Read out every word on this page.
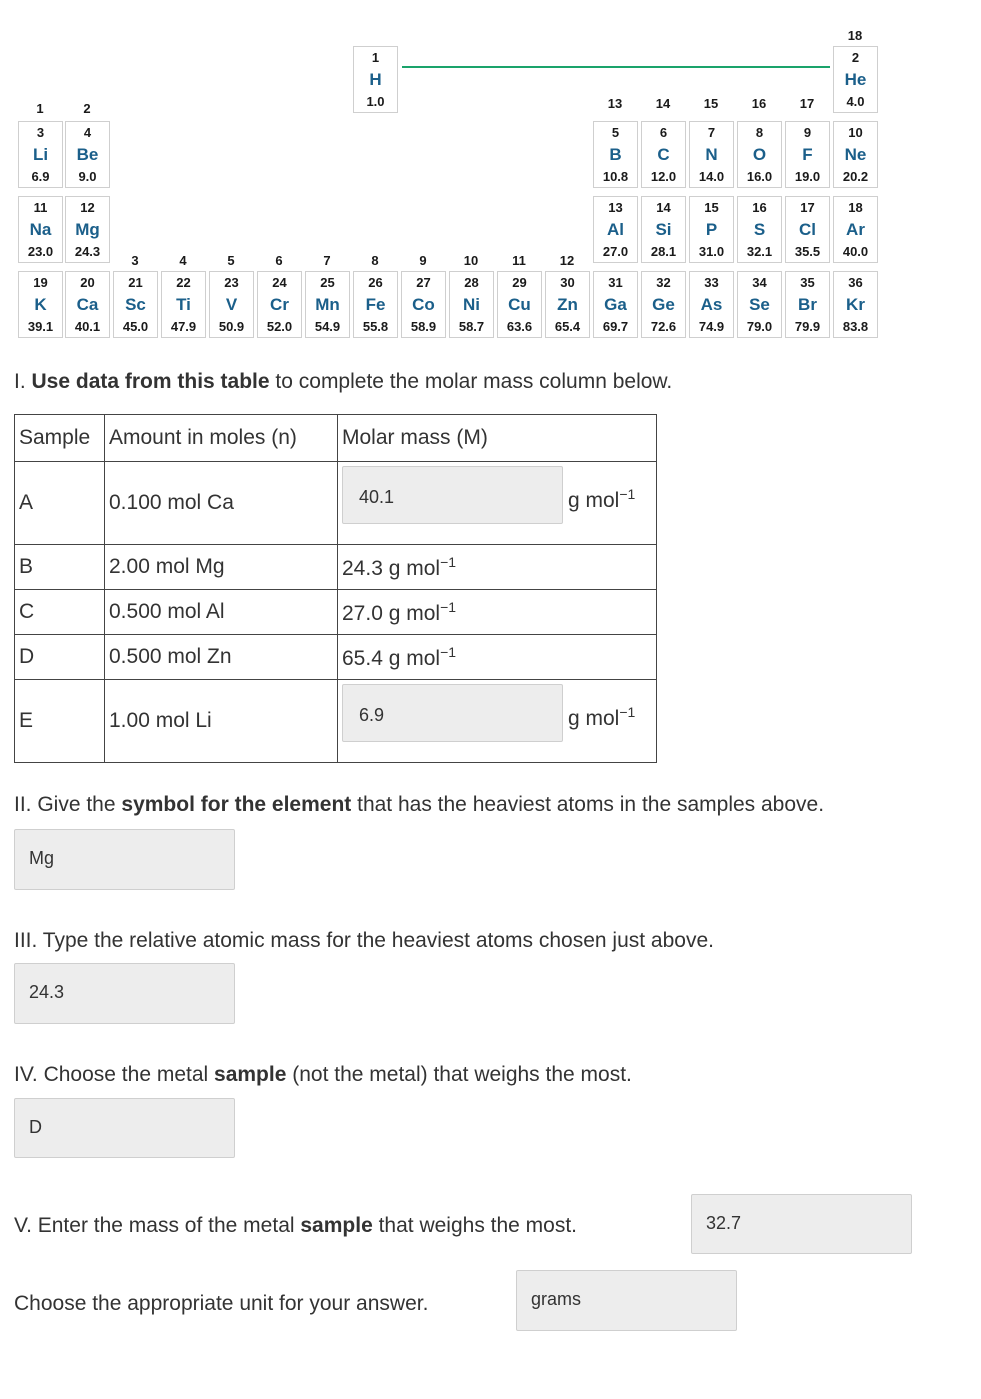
1
H
1.0
2
He
4.0
3
Li
6.9
4
Be
9.0
5
B
10.8
6
C
12.0
7
N
14.0
8
O
16.0
9
F
19.0
10
Ne
20.2
11
Na
23.0
12
Mg
24.3
13
Al
27.0
14
Si
28.1
15
P
31.0
16
S
32.1
17
Cl
35.5
18
Ar
40.0
19
K
39.1
20
Ca
40.1
21
Sc
45.0
22
Ti
47.9
23
V
50.9
24
Cr
52.0
25
Mn
54.9
26
Fe
55.8
27
Co
58.9
28
Ni
58.7
29
Cu
63.6
30
Zn
65.4
31
Ga
69.7
32
Ge
72.6
33
As
74.9
34
Se
79.0
35
Br
79.9
36
Kr
83.8
1	2	13	14	15	16	17
18
3	4	5	6	7	8	9	10	11	12
I. Use data from this table to complete the molar mass column below.
Sample	Amount in moles (n)	Molar mass (M)
A	0.100 mol Ca	40.1 g mol$^{-1}$

B	2.00 mol Mg	24.3 g mol$^{-1}$
C	0.500 mol Al	27.0 g mol$^{-1}$
D	0.500 mol Zn	65.4 g mol$^{-1}$
E	1.00 mol Li	6.9 g mol$^{-1}$
II. Give the symbol for the element that has the heaviest atoms in the samples above.
Mg
III. Type the relative atomic mass for the heaviest atoms chosen just above.
24.3
IV. Choose the metal sample (not the metal) that weighs the most.
D
V. Enter the mass of the metal sample that weighs the most.	32.7
Choose the appropriate unit for your answer.	grams
